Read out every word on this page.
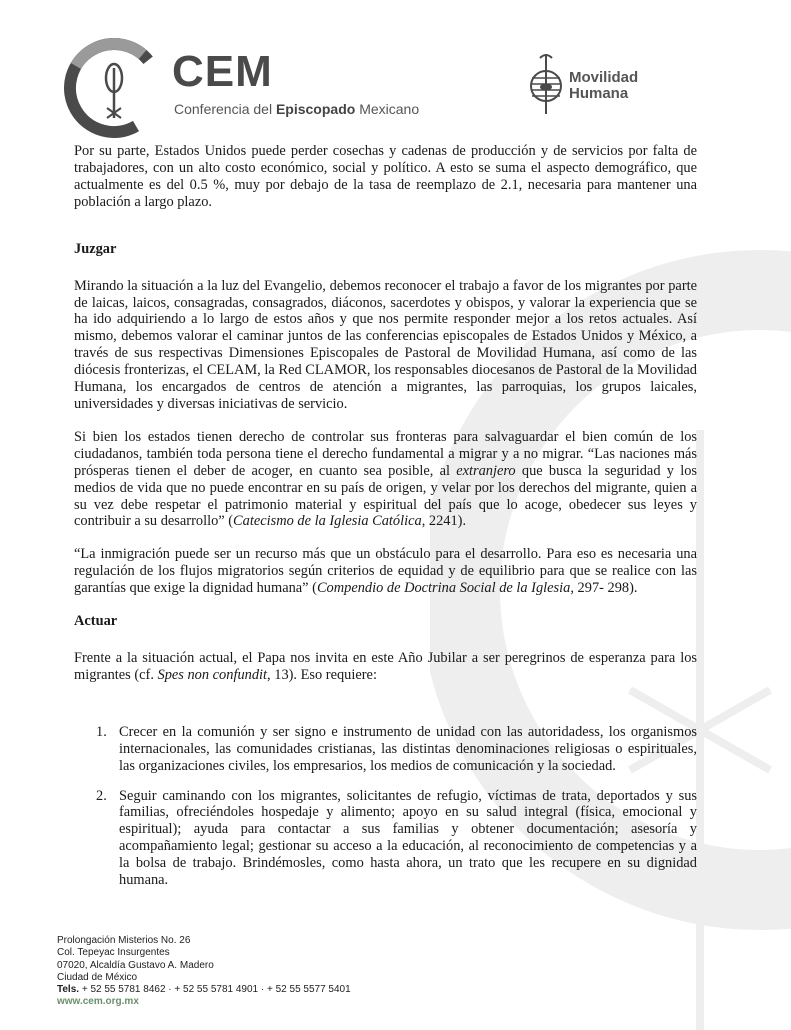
CEM
Conferencia del Episcopado Mexicano
Movilidad
Humana

Por su parte, Estados Unidos puede perder cosechas y cadenas de producción y de servicios por falta de trabajadores, con un alto costo económico, social y político. A esto se suma el aspecto demográfico, que actualmente es del 0.5 %, muy por debajo de la tasa de reemplazo de 2.1, necesaria para mantener una población a largo plazo.

Juzgar

Mirando la situación a la luz del Evangelio, debemos reconocer el trabajo a favor de los migrantes por parte de laicas, laicos, consagradas, consagrados, diáconos, sacerdotes y obispos, y valorar la experiencia que se ha ido adquiriendo a lo largo de estos años y que nos permite responder mejor a los retos actuales. Así mismo, debemos valorar el caminar juntos de las conferencias episcopales de Estados Unidos y México, a través de sus respectivas Dimensiones Episcopales de Pastoral de Movilidad Humana, así como de las diócesis fronterizas, el CELAM, la Red CLAMOR, los responsables diocesanos de Pastoral de la Movilidad Humana, los encargados de centros de atención a migrantes, las parroquias, los grupos laicales, universidades y diversas iniciativas de servicio.

Si bien los estados tienen derecho de controlar sus fronteras para salvaguardar el bien común de los ciudadanos, también toda persona tiene el derecho fundamental a migrar y a no migrar. “Las naciones más prósperas tienen el deber de acoger, en cuanto sea posible, al extranjero que busca la seguridad y los medios de vida que no puede encontrar en su país de origen, y velar por los derechos del migrante, quien a su vez debe respetar el patrimonio material y espiritual del país que lo acoge, obedecer sus leyes y contribuir a su desarrollo” (Catecismo de la Iglesia Católica, 2241).

“La inmigración puede ser un recurso más que un obstáculo para el desarrollo. Para eso es necesaria una regulación de los flujos migratorios según criterios de equidad y de equilibrio para que se realice con las garantías que exige la dignidad humana” (Compendio de Doctrina Social de la Iglesia, 297- 298).

Actuar

Frente a la situación actual, el Papa nos invita en este Año Jubilar a ser peregrinos de esperanza para los migrantes (cf. Spes non confundit, 13). Eso requiere:

1. Crecer en la comunión y ser signo e instrumento de unidad con las autoridadess, los organismos internacionales, las comunidades cristianas, las distintas denominaciones religiosas o espirituales, las organizaciones civiles, los empresarios, los medios de comunicación y la sociedad.

2. Seguir caminando con los migrantes, solicitantes de refugio, víctimas de trata, deportados y sus familias, ofreciéndoles hospedaje y alimento; apoyo en su salud integral (física, emocional y espiritual); ayuda para contactar a sus familias y obtener documentación; asesoría y acompañamiento legal; gestionar su acceso a la educación, al reconocimiento de competencias y a la bolsa de trabajo. Brindémosles, como hasta ahora, un trato que les recupere en su dignidad humana.

Prolongación Misterios No. 26
Col. Tepeyac Insurgentes
07020, Alcaldía Gustavo A. Madero
Ciudad de México
Tels. + 52 55 5781 8462 · + 52 55 5781 4901 · + 52 55 5577 5401
www.cem.org.mx
